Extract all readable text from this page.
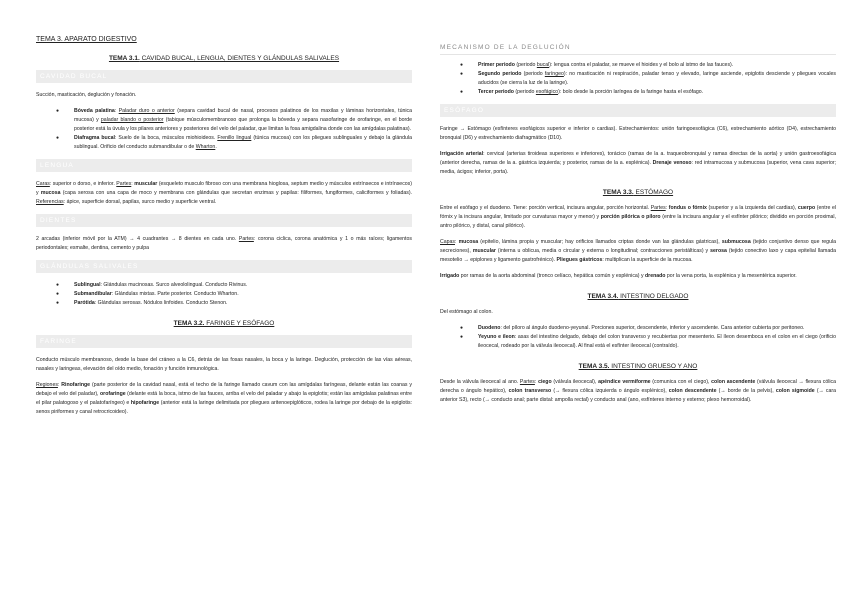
TEMA 3. APARATO DIGESTIVO
TEMA 3.1. CAVIDAD BUCAL, LENGUA, DIENTES Y GLÁNDULAS SALIVALES
CAVIDAD BUCAL

Succión, masticación, deglución y fonación.

● Bóveda palatina: Paladar duro o anterior (separa cavidad bucal de nasal, procesos palatinos de los maxilas y láminas horizontales, túnica mucosa) y paladar blando o posterior (tabique músculomembranoso que prolonga la bóveda y separa nasofaringe de orofaringe, en el borde posterior está la úvula y los pilares anteriores y posteriores del velo del paladar, que limitan la fosa amigdalina donde con las amígdalas palatinas).
● Diafragma bucal: Suelo de la boca, músculos miohioideos. Frenillo lingual (túnica mucosa) con los pliegues sublinguales y debajo la glándula sublingual. Orificio del conducto submandibular o de Wharton.
LENGUA

Caras: superior o dorso, e inferior. Partes: muscular (esqueleto musculo fibroso con una membrana hioglosa, septum medio y músculos extrínsecos e intrínsecos) y mucosa (capa serosa con una capa de moco y membrana con glándulas que secretan enzimas y papilas: filiformes, fungiformes, caliciformes y foliadas). Referencias: ápice, superficie dorsal, papilas, surco medio y superficie ventral.

DIENTES

2 arcadas (inferior móvil por la ATM) → 4 cuadrantes → 8 dientes en cada uno. Partes: corona ciclica, corona anatómica y 1 o más raíces; ligamentos periodontales; esmalte, dentina, cemento y pulpa

GLÁNDULAS SALIVALES
● Sublingual: Glándulas mucinosas. Surco alveololingual. Conducto Rivinus.
● Submandibular: Glándulas mixtas. Parte posterior. Conducto Wharton.
● Parótida: Glándulas serosas. Nódulos linfoides. Conducto Stenon.
TEMA 3.2. FARINGE Y ESÓFAGO
FARINGE

Conducto músculo membranoso, desde la base del cráneo a la C6, detrás de las fosas nasales, la boca y la laringe. Deglución, protección de las vías aéreas, nasales y laringeas, elevación del oído medio, fonación y función inmunológica.

Regiones: Rinofaringe (parte posterior de la cavidad nasal, está el techo de la faringe llamado cavum con las amígdalas faríngeas, delante están las coanas y debajo el velo del paladar), orofaringe (delante está la boca, istmo de las fauces, arriba el velo del paladar y abajo la epiglotis; están las amígdalas palatinas entre el pilar palatogoso y el palatofaríngeo) e hipofaringe (anterior está la laringe delimitada por pliegues aritenoepiglóticos, rodea la laringe por debajo de la epiglotis: senos piriformes y canal retrocricoideo).

MECANISMO DE LA DEGLUCIÓN
● Primer periodo (periodo bucal): lengua contra el paladar, se mueve el hioides y el bolo al istmo de las fauces).
● Segundo periodo (periodo faríngeo): no masticación ni respiración, paladar tenso y elevado, laringe asciende, epiglotis desciende y pliegues vocales aducidos (se cierra la luz de la laringe).
● Tercer periodo (periodo esofágico): bolo desde la porción laríngea de la faringe hasta el esófago.
ESÓFAGO

Faringe → Estómago (esfínteres esofágicos superior e inferior o cardias). Estrechamientos: unión faringoesofágica (C6), estrechamiento aórtico (D4), estrechamiento bronquial (D6) y estrechamiento diafragmático (D10).

Irrigación arterial: cervical (arterias tiroideas superiores e inferiores), torácico (ramas de la a. traqueobronquial y ramas directas de la aorta) y unión gastroesofágica (anterior derecha, ramas de la a. gástrica izquierda; y posterior, ramas de la a. esplénica). Drenaje venoso: red intramucosa y submucosa (superior, vena cava superior; media, ácigos; inferior, porta).

TEMA 3.3. ESTÓMAGO

Entre el esófago y el duodeno. Tiene: porción vertical, incisura angular, porción horizontal. Partes: fondus o fórnix (superior y a la izquierda del cardias), cuerpo (entre el fórnix y la incisura angular, limitado por curvaturas mayor y menor) y porción pilórica o píloro (entre la incisura angular y el esfínter pilórico; dividido en porción proximal, antro pilórico, y distal, canal pilórico).

Capas: mucosa (epitelio, lámina propia y muscular; hay orificios llamados criptas donde van las glándulas gástricas), submucosa (tejido conjuntivo denso que regula secreciones), muscular (interna u oblicua, media o circular y externa o longitudinal; contracciones peristálticas) y serosa (tejido conectivo laxo y capa epitelial llamada mesotelio → epiplones y ligamento gastrofrénico). Pliegues gástricos: multiplican la superficie de la mucosa.

Irrigado por ramas de la aorta abdominal (tronco celíaco, hepática común y esplénica) y drenado por la vena porta, la esplénica y la mesentérica superior.

TEMA 3.4. INTESTINO DELGADO

Del estómago al colon.

● Duodeno: del píloro al ángulo duodeno-yeyunal. Porciones superior, descendente, inferior y ascendente. Cara anterior cubierta por peritoneo.
● Yeyuno e íleon: asas del intestino delgado, debajo del colon transverso y recubiertas por mesenterio. El íleon desemboca en el colon en el ciego (orificio ileocecal, rodeado por la válvula ileocecal). Al final está el esfínter ileocecal (contraído).
TEMA 3.5. INTESTINO GRUESO Y ANO

Desde la válvula ileocecal al ano. Partes: ciego (válvula ileocecal), apéndice vermiforme (comunica con el ciego), colon ascendente (válvula ileocecal → flexura cólica derecha o ángulo hepático), colon transverso (→ flexura cólica izquierda o ángulo esplénico), colon descendente (→ borde de la pelvis), colon sigmoide (→ cara anterior S3), recto (→ conducto anal; parte distal: ampolla rectal) y conducto anal (ano, esfínteres interno y externo; plexo hemorroidal).
